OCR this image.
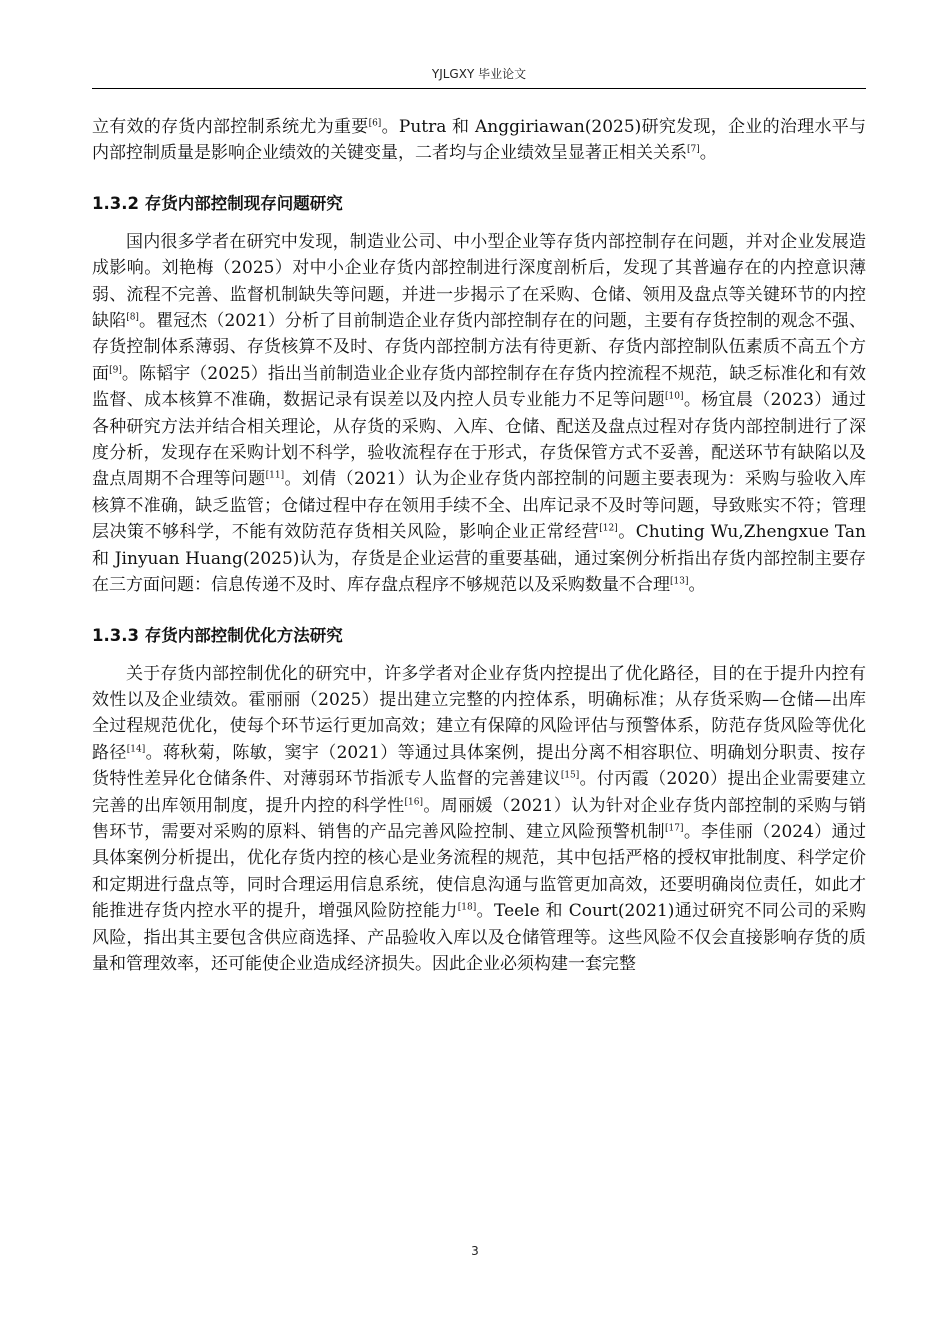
YJLGXY 毕业论文

立有效的存货内部控制系统尤为重要[6]。Putra 和 Anggiriawan(2025)研究发现，企业的治理水平与内部控制质量是影响企业绩效的关键变量，二者均与企业绩效呈显著正相关关系[7]。

1.3.2 存货内部控制现存问题研究

国内很多学者在研究中发现，制造业公司、中小型企业等存货内部控制存在问题，并对企业发展造成影响。刘艳梅（2025）对中小企业存货内部控制进行深度剖析后，发现了其普遍存在的内控意识薄弱、流程不完善、监督机制缺失等问题，并进一步揭示了在采购、仓储、领用及盘点等关键环节的内控缺陷[8]。瞿冠杰（2021）分析了目前制造企业存货内部控制存在的问题，主要有存货控制的观念不强、存货控制体系薄弱、存货核算不及时、存货内部控制方法有待更新、存货内部控制队伍素质不高五个方面[9]。陈韬宇（2025）指出当前制造业企业存货内部控制存在存货内控流程不规范，缺乏标准化和有效监督、成本核算不准确，数据记录有误差以及内控人员专业能力不足等问题[10]。杨宜晨（2023）通过各种研究方法并结合相关理论，从存货的采购、入库、仓储、配送及盘点过程对存货内部控制进行了深度分析，发现存在采购计划不科学，验收流程存在于形式，存货保管方式不妥善，配送环节有缺陷以及盘点周期不合理等问题[11]。刘倩（2021）认为企业存货内部控制的问题主要表现为：采购与验收入库核算不准确，缺乏监管；仓储过程中存在领用手续不全、出库记录不及时等问题，导致账实不符；管理层决策不够科学，不能有效防范存货相关风险，影响企业正常经营[12]。Chuting Wu,Zhengxue Tan 和 Jinyuan Huang(2025)认为，存货是企业运营的重要基础，通过案例分析指出存货内部控制主要存在三方面问题：信息传递不及时、库存盘点程序不够规范以及采购数量不合理[13]。

1.3.3 存货内部控制优化方法研究

关于存货内部控制优化的研究中，许多学者对企业存货内控提出了优化路径，目的在于提升内控有效性以及企业绩效。霍丽丽（2025）提出建立完整的内控体系，明确标准；从存货采购—仓储—出库全过程规范优化，使每个环节运行更加高效；建立有保障的风险评估与预警体系，防范存货风险等优化路径[14]。蒋秋菊，陈敏，窦宇（2021）等通过具体案例，提出分离不相容职位、明确划分职责、按存货特性差异化仓储条件、对薄弱环节指派专人监督的完善建议[15]。付丙霞（2020）提出企业需要建立完善的出库领用制度，提升内控的科学性[16]。周丽媛（2021）认为针对企业存货内部控制的采购与销售环节，需要对采购的原料、销售的产品完善风险控制、建立风险预警机制[17]。李佳丽（2024）通过具体案例分析提出，优化存货内控的核心是业务流程的规范，其中包括严格的授权审批制度、科学定价和定期进行盘点等，同时合理运用信息系统，使信息沟通与监管更加高效，还要明确岗位责任，如此才能推进存货内控水平的提升，增强风险防控能力[18]。Teele 和 Court(2021)通过研究不同公司的采购风险，指出其主要包含供应商选择、产品验收入库以及仓储管理等。这些风险不仅会直接影响存货的质量和管理效率，还可能使企业造成经济损失。因此企业必须构建一套完整

3
